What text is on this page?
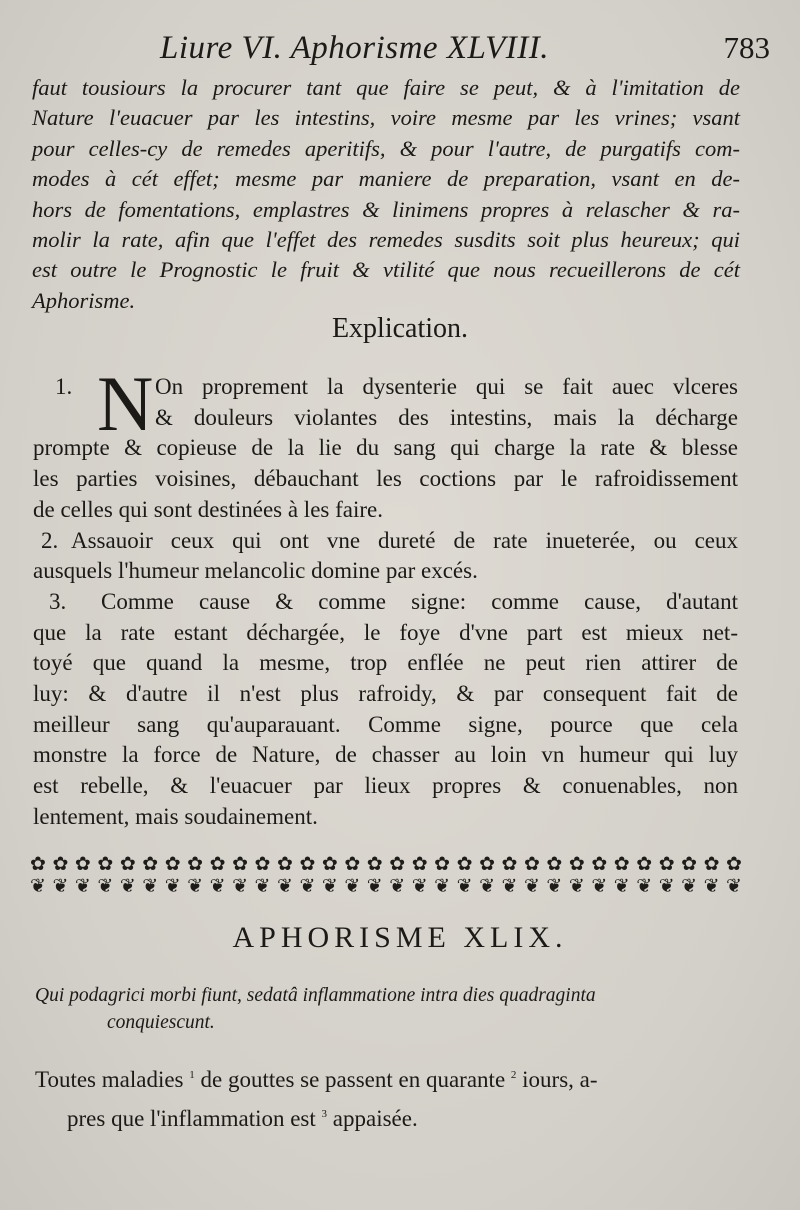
Liure VI. Aphorisme XLVIII.	783
faut tousiours la procurer tant que faire se peut, & à l'imitation de
Nature l'euacuer par les intestins, voire mesme par les vrines; vsant
pour celles-cy de remedes aperitifs, & pour l'autre, de purgatifs com-
modes à cét effet; mesme par maniere de preparation, vsant en de-
hors de fomentations, emplastres & linimens propres à relascher & ra-
molir la rate, afin que l'effet des remedes susdits soit plus heureux; qui
est outre le Prognostic le fruit & vtilité que nous recueillerons de cét
Aphorisme.
Explication.
N
1.	On proprement la dysenterie qui se fait auec vlceres
& douleurs violantes des intestins, mais la décharge
prompte & copieuse de la lie du sang qui charge la rate & blesse
les parties voisines, débauchant les coctions par le rafroidissement
de celles qui sont destinées à les faire.
2. Assauoir ceux qui ont vne dureté de rate inueterée, ou ceux
ausquels l'humeur melancolic domine par excés.
3. Comme cause & comme signe: comme cause, d'autant
que la rate estant déchargée, le foye d'vne part est mieux net-
toyé que quand la mesme, trop enflée ne peut rien attirer de
luy: & d'autre il n'est plus rafroidy, & par consequent fait de
meilleur sang qu'auparauant. Comme signe, pource que cela
monstre la force de Nature, de chasser au loin vn humeur qui luy
est rebelle, & l'euacuer par lieux propres & conuenables, non
lentement, mais soudainement.
✿ ✿ ✿ ✿ ✿ ✿ ✿ ✿ ✿ ✿ ✿ ✿ ✿ ✿ ✿ ✿ ✿ ✿ ✿ ✿ ✿ ✿ ✿ ✿ ✿ ✿ ✿ ✿ ✿ ✿ ✿ ✿
❦ ❦ ❦ ❦ ❦ ❦ ❦ ❦ ❦ ❦ ❦ ❦ ❦ ❦ ❦ ❦ ❦ ❦ ❦ ❦ ❦ ❦ ❦ ❦ ❦ ❦ ❦ ❦ ❦ ❦ ❦ ❦
APHORISME XLIX.
Qui podagrici morbi fiunt, sedatâ inflammatione intra dies quadraginta
conquiescunt.
Toutes maladies $^1$ de gouttes se passent en quarante $^2$ iours, a-
pres que l'inflammation est $^3$ appaisée.
